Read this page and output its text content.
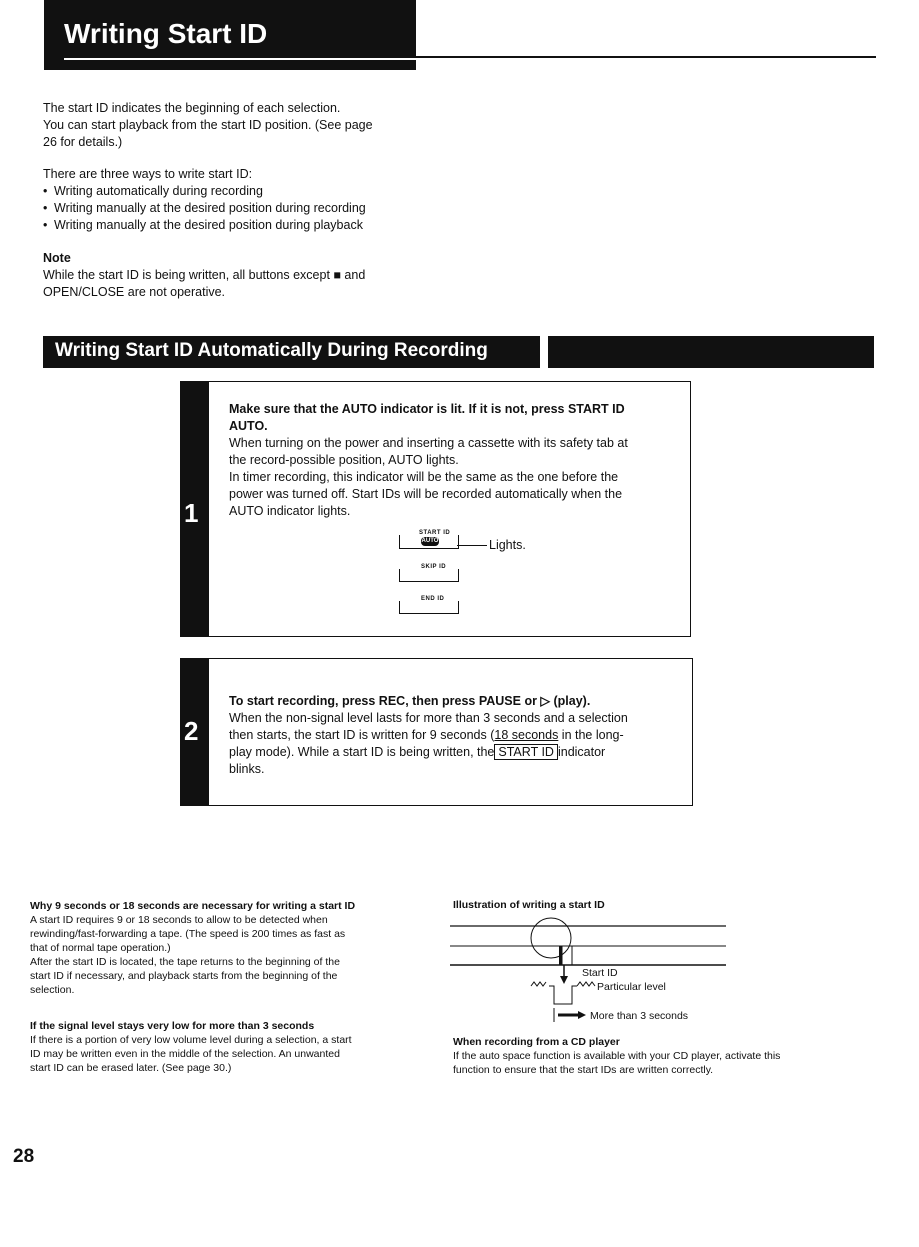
Writing Start ID
The start ID indicates the beginning of each selection.
You can start playback from the start ID position. (See page
26 for details.)
There are three ways to write start ID:
• Writing automatically during recording
• Writing manually at the desired position during recording
• Writing manually at the desired position during playback
Note
While the start ID is being written, all buttons except ■ and
OPEN/CLOSE are not operative.
Writing Start ID Automatically During Recording
1
Make sure that the AUTO indicator is lit. If it is not, press START ID
AUTO.
When turning on the power and inserting a cassette with its safety tab at
the record-possible position, AUTO lights.
In timer recording, this indicator will be the same as the one before the
power was turned off. Start IDs will be recorded automatically when the
AUTO indicator lights.
START ID
AUTO	Lights.
SKIP ID
END ID
2
To start recording, press REC, then press PAUSE or ▷ (play).
When the non-signal level lasts for more than 3 seconds and a selection
then starts, the start ID is written for 9 seconds (18 seconds in the long-
play mode). While a start ID is being written, the START ID indicator
blinks.
Why 9 seconds or 18 seconds are necessary for writing a start ID
A start ID requires 9 or 18 seconds to allow to be detected when
rewinding/fast-forwarding a tape. (The speed is 200 times as fast as
that of normal tape operation.)
After the start ID is located, the tape returns to the beginning of the
start ID if necessary, and playback starts from the beginning of the
selection.
If the signal level stays very low for more than 3 seconds
If there is a portion of very low volume level during a selection, a start
ID may be written even in the middle of the selection. An unwanted
start ID can be erased later. (See page 30.)
Illustration of writing a start ID
Start ID
Particular level
More than 3 seconds
When recording from a CD player
If the auto space function is available with your CD player, activate this
function to ensure that the start IDs are written correctly.
28
